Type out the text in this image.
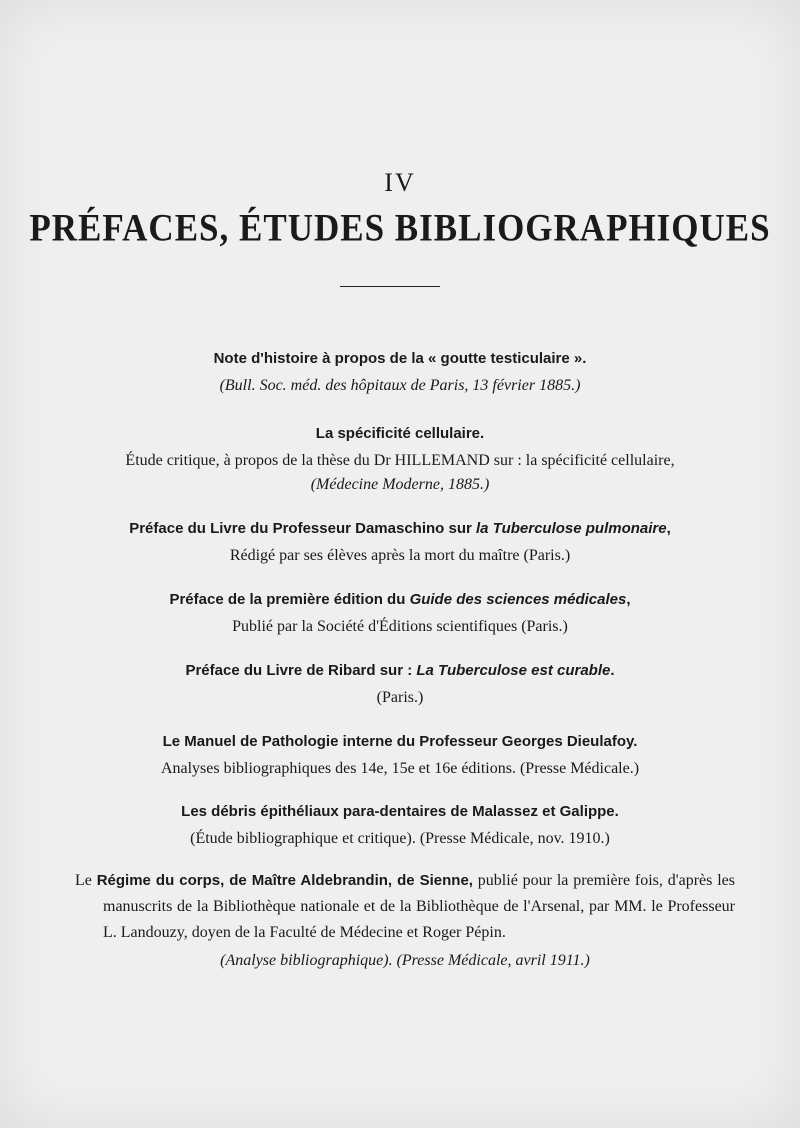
IV
PRÉFACES, ÉTUDES BIBLIOGRAPHIQUES
Note d'histoire à propos de la « goutte testiculaire ».
(Bull. Soc. méd. des hôpitaux de Paris, 13 février 1885.)
La spécificité cellulaire.
Étude critique, à propos de la thèse du Dr HILLEMAND sur : la spécificité cellulaire,
(Médecine Moderne, 1885.)
Préface du Livre du Professeur Damaschino sur la Tuberculose pulmonaire,
Rédigé par ses élèves après la mort du maître (Paris.)
Préface de la première édition du Guide des sciences médicales,
Publié par la Société d'Éditions scientifiques (Paris.)
Préface du Livre de Ribard sur : La Tuberculose est curable.
(Paris.)
Le Manuel de Pathologie interne du Professeur Georges Dieulafoy.
Analyses bibliographiques des 14e, 15e et 16e éditions. (Presse Médicale.)
Les débris épithéliaux para-dentaires de Malassez et Galippe.
(Étude bibliographique et critique). (Presse Médicale, nov. 1910.)
Le Régime du corps, de Maître Aldebrandin, de Sienne, publié pour la première fois, d'après les manuscrits de la Bibliothèque nationale et de la Bibliothèque de l'Arsenal, par MM. le Professeur L. Landouzy, doyen de la Faculté de Médecine et Roger Pépin.
(Analyse bibliographique). (Presse Médicale, avril 1911.)
